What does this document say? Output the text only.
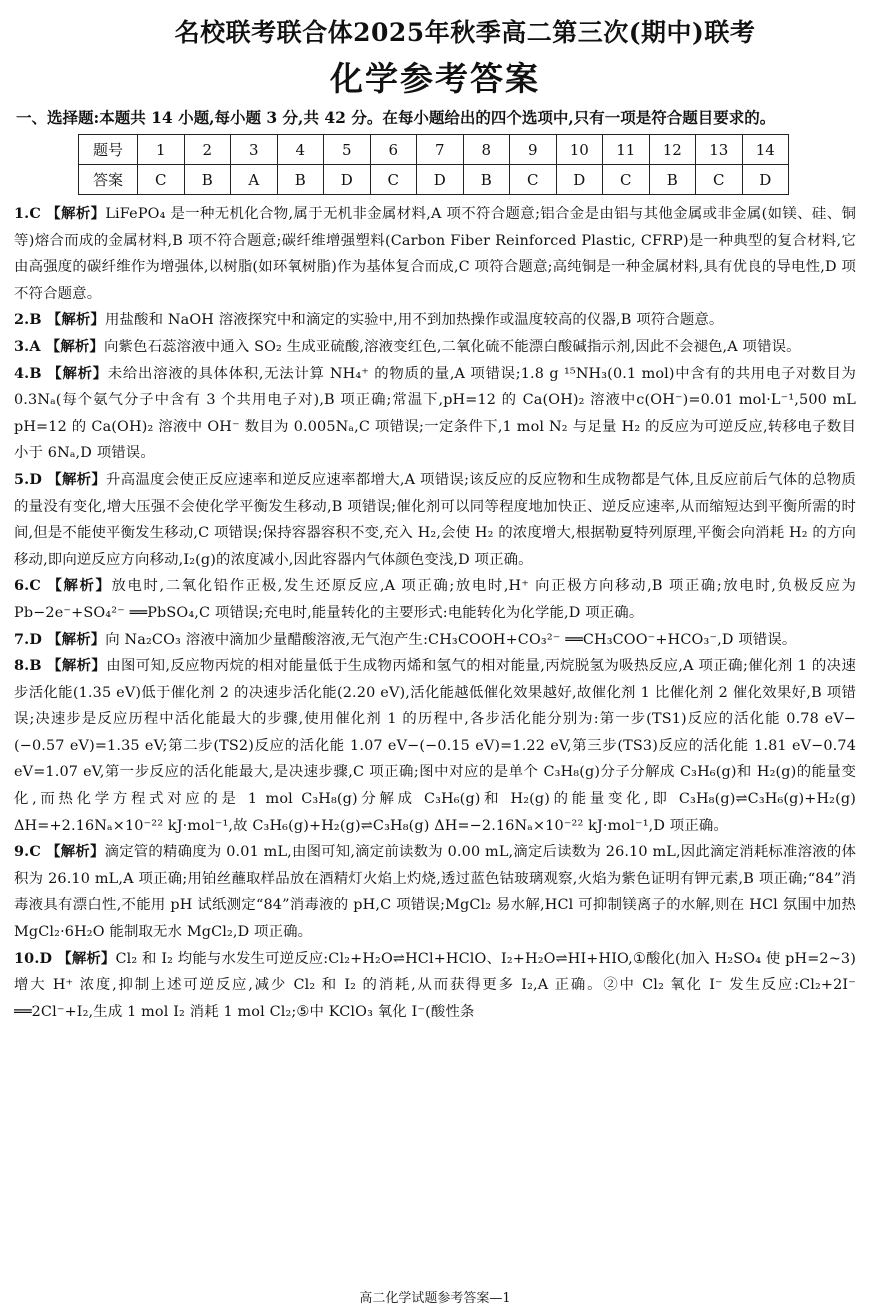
名校联考联合体2025年秋季高二第三次(期中)联考
化学参考答案
一、选择题:本题共 14 小题,每小题 3 分,共 42 分。在每小题给出的四个选项中,只有一项是符合题目要求的。
题号	1	2	3	4	5	6	7	8	9	10	11	12	13	14
答案	C	B	A	B	D	C	D	B	C	D	C	B	C	D

1.C 【解析】LiFePO₄ 是一种无机化合物,属于无机非金属材料,A 项不符合题意;铝合金是由铝与其他金属或非金属(如镁、硅、铜等)熔合而成的金属材料,B 项不符合题意;碳纤维增强塑料(Carbon Fiber Reinforced Plastic, CFRP)是一种典型的复合材料,它由高强度的碳纤维作为增强体,以树脂(如环氧树脂)作为基体复合而成,C 项符合题意;高纯铜是一种金属材料,具有优良的导电性,D 项不符合题意。

2.B 【解析】用盐酸和 NaOH 溶液探究中和滴定的实验中,用不到加热操作或温度较高的仪器,B 项符合题意。

3.A 【解析】向紫色石蕊溶液中通入 SO₂ 生成亚硫酸,溶液变红色,二氧化硫不能漂白酸碱指示剂,因此不会褪色,A 项错误。

4.B 【解析】未给出溶液的具体体积,无法计算 NH₄⁺ 的物质的量,A 项错误;1.8 g ¹⁵NH₃(0.1 mol)中含有的共用电子对数目为 0.3Nₐ(每个氨气分子中含有 3 个共用电子对),B 项正确;常温下,pH=12 的 Ca(OH)₂ 溶液中c(OH⁻)=0.01 mol·L⁻¹,500 mL pH=12 的 Ca(OH)₂ 溶液中 OH⁻ 数目为 0.005Nₐ,C 项错误;一定条件下,1 mol N₂ 与足量 H₂ 的反应为可逆反应,转移电子数目小于 6Nₐ,D 项错误。

5.D 【解析】升高温度会使正反应速率和逆反应速率都增大,A 项错误;该反应的反应物和生成物都是气体,且反应前后气体的总物质的量没有变化,增大压强不会使化学平衡发生移动,B 项错误;催化剂可以同等程度地加快正、逆反应速率,从而缩短达到平衡所需的时间,但是不能使平衡发生移动,C 项错误;保持容器容积不变,充入 H₂,会使 H₂ 的浓度增大,根据勒夏特列原理,平衡会向消耗 H₂ 的方向移动,即向逆反应方向移动,I₂(g)的浓度减小,因此容器内气体颜色变浅,D 项正确。

6.C 【解析】放电时,二氧化铅作正极,发生还原反应,A 项正确;放电时,H⁺ 向正极方向移动,B 项正确;放电时,负极反应为 Pb−2e⁻+SO₄²⁻ ══PbSO₄,C 项错误;充电时,能量转化的主要形式:电能转化为化学能,D 项正确。

7.D 【解析】向 Na₂CO₃ 溶液中滴加少量醋酸溶液,无气泡产生:CH₃COOH+CO₃²⁻ ══CH₃COO⁻+HCO₃⁻,D 项错误。

8.B 【解析】由图可知,反应物丙烷的相对能量低于生成物丙烯和氢气的相对能量,丙烷脱氢为吸热反应,A 项正确;催化剂 1 的决速步活化能(1.35 eV)低于催化剂 2 的决速步活化能(2.20 eV),活化能越低催化效果越好,故催化剂 1 比催化剂 2 催化效果好,B 项错误;决速步是反应历程中活化能最大的步骤,使用催化剂 1 的历程中,各步活化能分别为:第一步(TS1)反应的活化能 0.78 eV−(−0.57 eV)=1.35 eV;第二步(TS2)反应的活化能 1.07 eV−(−0.15 eV)=1.22 eV,第三步(TS3)反应的活化能 1.81 eV−0.74 eV=1.07 eV,第一步反应的活化能最大,是决速步骤,C 项正确;图中对应的是单个 C₃H₈(g)分子分解成 C₃H₆(g)和 H₂(g)的能量变化,而热化学方程式对应的是 1 mol C₃H₈(g)分解成 C₃H₆(g)和 H₂(g)的能量变化,即 C₃H₈(g)⇌C₃H₆(g)+H₂(g) ΔH=+2.16Nₐ×10⁻²² kJ·mol⁻¹,故 C₃H₆(g)+H₂(g)⇌C₃H₈(g) ΔH=−2.16Nₐ×10⁻²² kJ·mol⁻¹,D 项正确。

9.C 【解析】滴定管的精确度为 0.01 mL,由图可知,滴定前读数为 0.00 mL,滴定后读数为 26.10 mL,因此滴定消耗标准溶液的体积为 26.10 mL,A 项正确;用铂丝蘸取样品放在酒精灯火焰上灼烧,透过蓝色钴玻璃观察,火焰为紫色证明有钾元素,B 项正确;“84”消毒液具有漂白性,不能用 pH 试纸测定“84”消毒液的 pH,C 项错误;MgCl₂ 易水解,HCl 可抑制镁离子的水解,则在 HCl 氛围中加热 MgCl₂·6H₂O 能制取无水 MgCl₂,D 项正确。

10.D 【解析】Cl₂ 和 I₂ 均能与水发生可逆反应:Cl₂+H₂O⇌HCl+HClO、I₂+H₂O⇌HI+HIO,①酸化(加入 H₂SO₄ 使 pH=2~3)增大 H⁺ 浓度,抑制上述可逆反应,减少 Cl₂ 和 I₂ 的消耗,从而获得更多 I₂,A 正确。②中 Cl₂ 氧化 I⁻ 发生反应:Cl₂+2I⁻ ══2Cl⁻+I₂,生成 1 mol I₂ 消耗 1 mol Cl₂;⑤中 KClO₃ 氧化 I⁻(酸性条

高二化学试题参考答案—1
